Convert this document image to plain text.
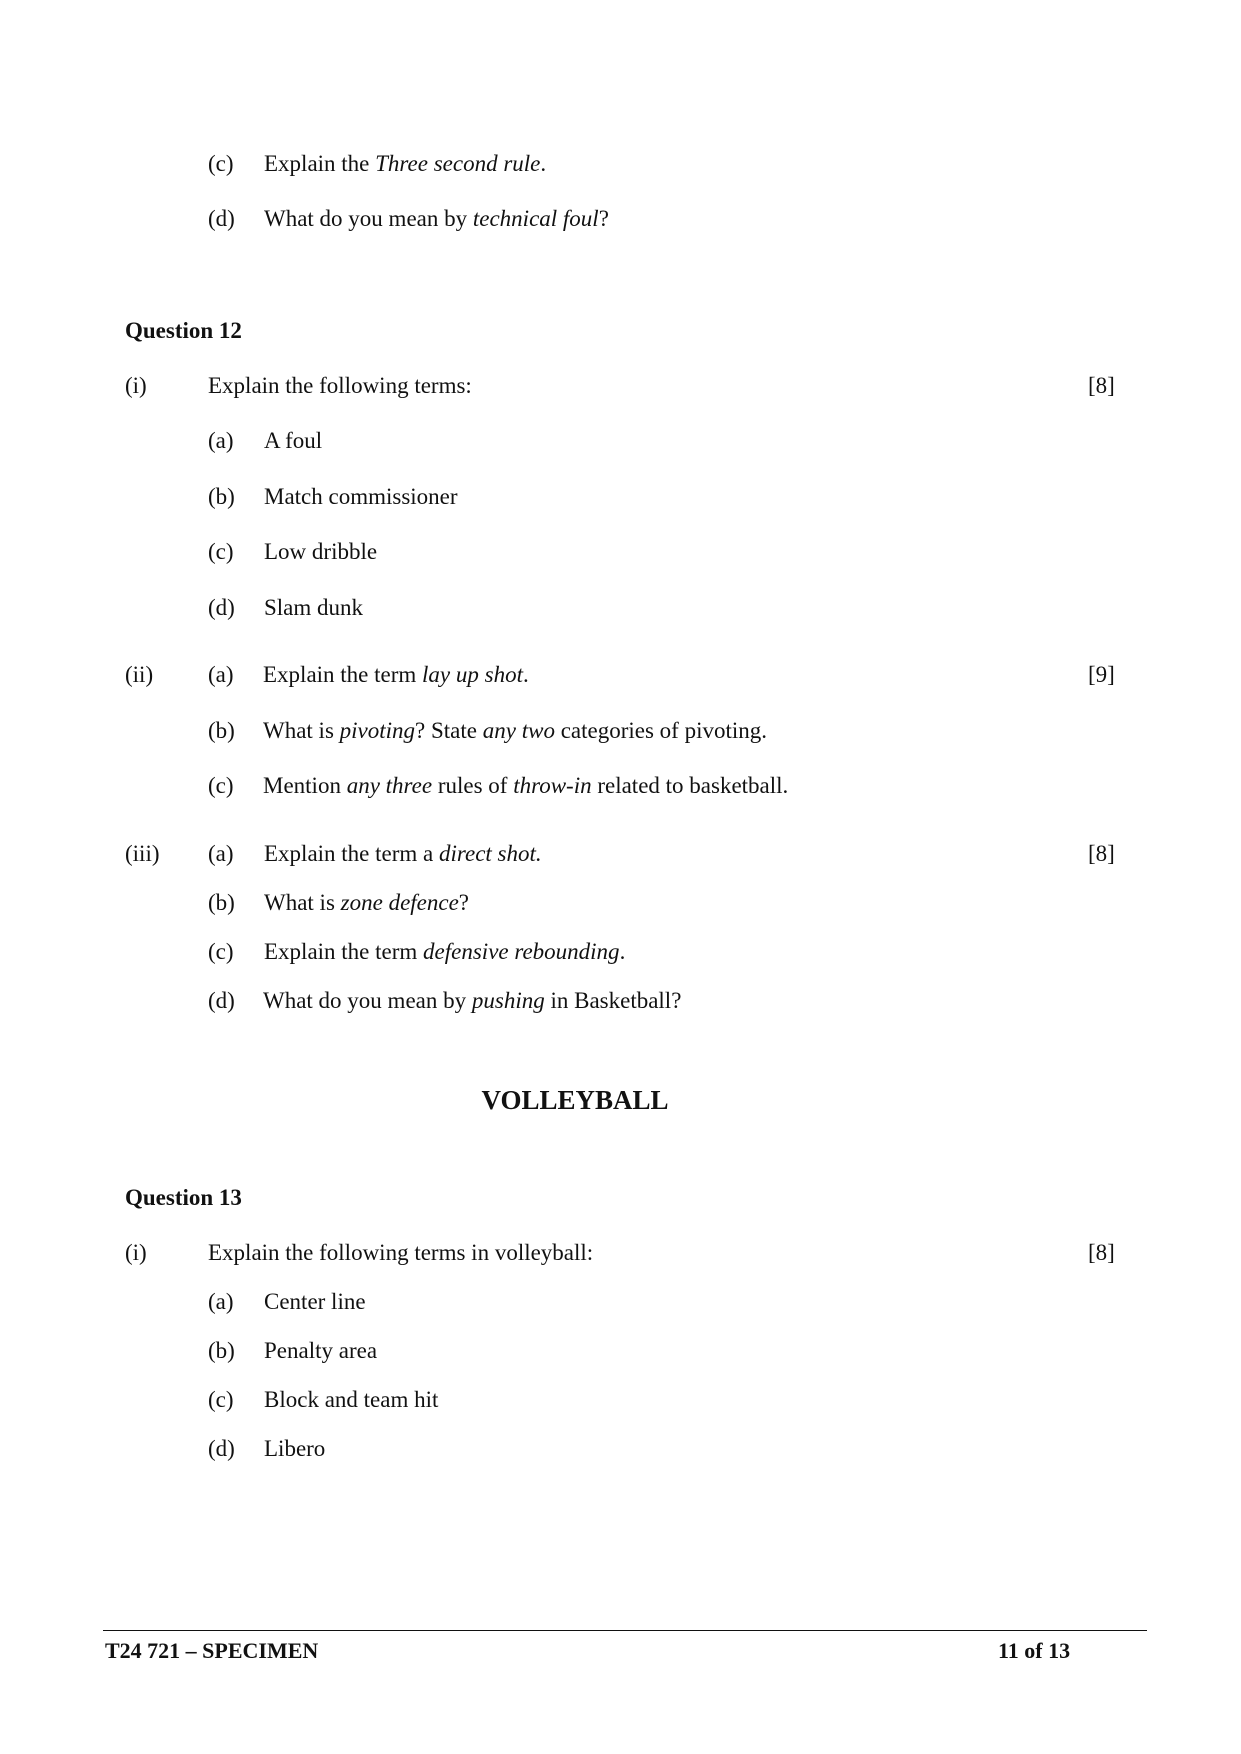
(c) Explain the Three second rule.
(d) What do you mean by technical foul?
Question 12
(i)	Explain the following terms:	[8]
(a) A foul
(b) Match commissioner
(c) Low dribble
(d) Slam dunk
(ii) (a) Explain the term lay up shot.	[9]
(b) What is pivoting? State any two categories of pivoting.
(c) Mention any three rules of throw-in related to basketball.
(iii) (a) Explain the term a direct shot.	[8]
(b) What is zone defence?
(c) Explain the term defensive rebounding.
(d) What do you mean by pushing in Basketball?
VOLLEYBALL
Question 13
(i)	Explain the following terms in volleyball:	[8]
(a) Center line
(b) Penalty area
(c) Block and team hit
(d) Libero
T24 721 – SPECIMEN	11 of 13
